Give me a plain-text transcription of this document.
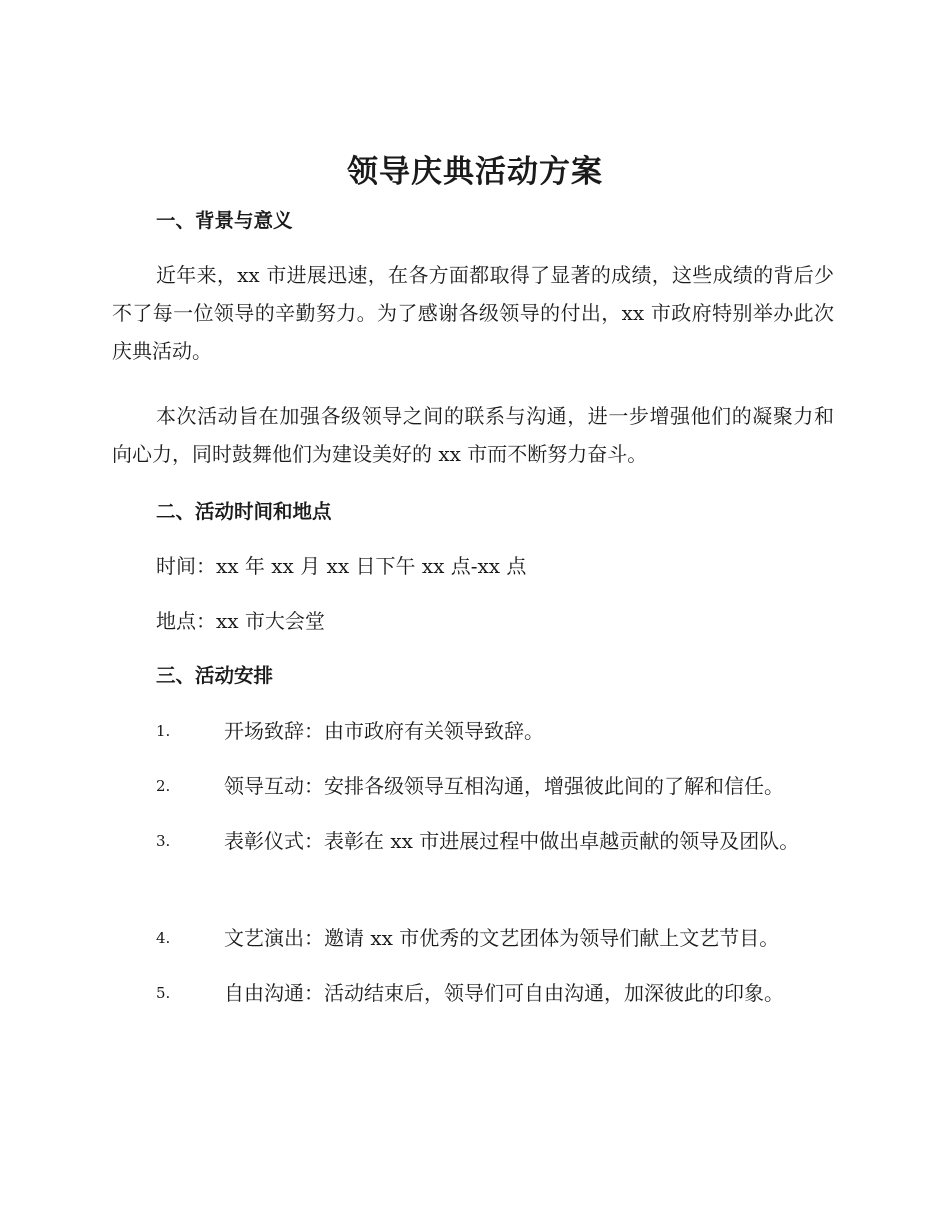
领导庆典活动方案
一、背景与意义

近年来，xx 市进展迅速，在各方面都取得了显著的成绩，这些成绩的背后少不了每一位领导的辛勤努力。为了感谢各级领导的付出，xx 市政府特别举办此次庆典活动。

本次活动旨在加强各级领导之间的联系与沟通，进一步增强他们的凝聚力和向心力，同时鼓舞他们为建设美好的 xx 市而不断努力奋斗。

二、活动时间和地点

时间：xx 年 xx 月 xx 日下午 xx 点-xx 点

地点：xx 市大会堂

三、活动安排
1.	开场致辞：由市政府有关领导致辞。
2.	领导互动：安排各级领导互相沟通，增强彼此间的了解和信任。
3.	表彰仪式：表彰在 xx 市进展过程中做出卓越贡献的领导及团队。
4.	文艺演出：邀请 xx 市优秀的文艺团体为领导们献上文艺节目。
5.	自由沟通：活动结束后，领导们可自由沟通，加深彼此的印象。
